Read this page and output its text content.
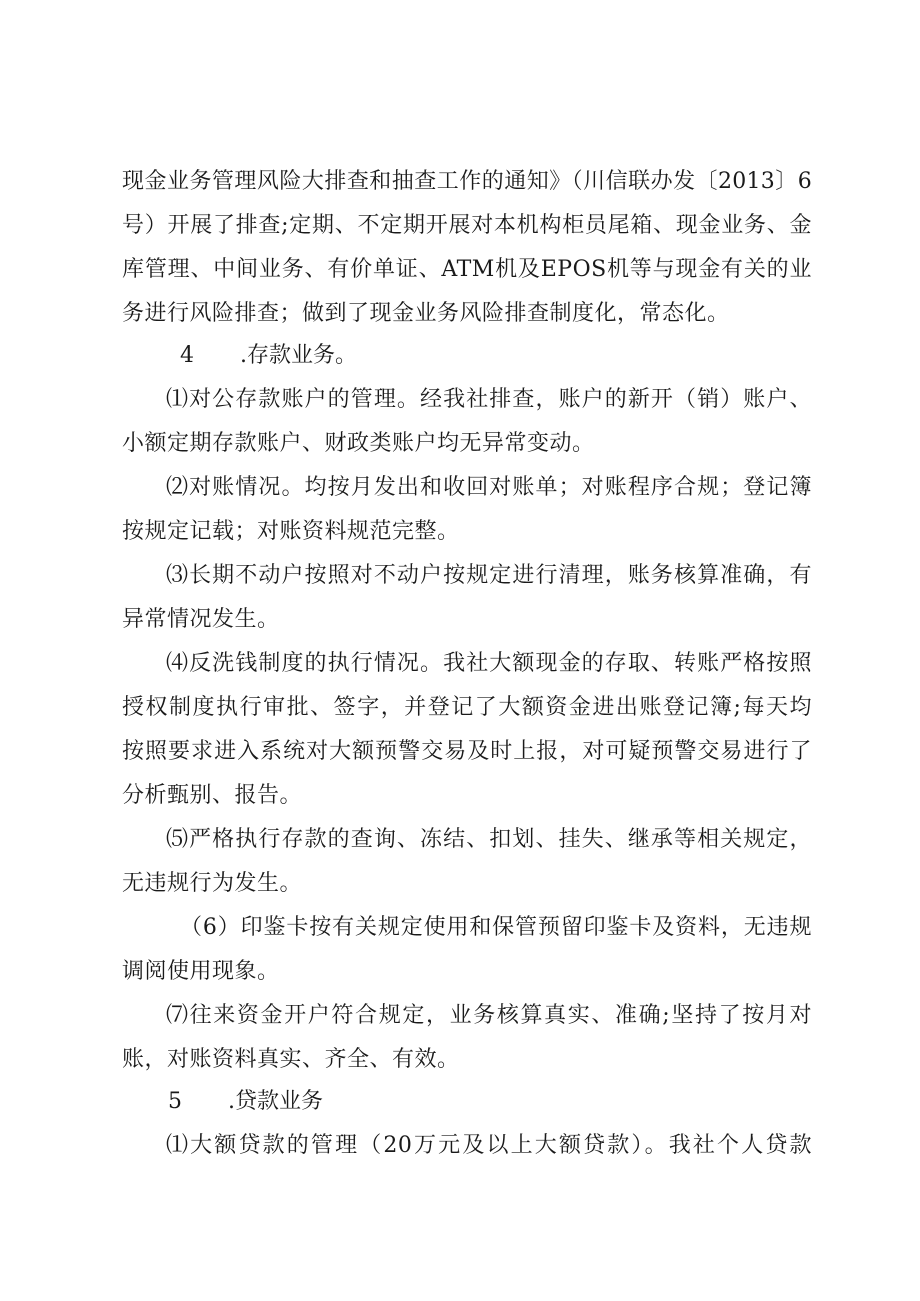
现金业务管理风险大排查和抽查工作的通知》（川信联办发〔2013〕6
号）开展了排查;定期、不定期开展对本机构柜员尾箱、现金业务、金
库管理、中间业务、有价单证、ATM机及EPOS机等与现金有关的业
务进行风险排查；做到了现金业务风险排查制度化，常态化。
4 .存款业务。
⑴对公存款账户的管理。经我社排查，账户的新开（销）账户、
小额定期存款账户、财政类账户均无异常变动。
⑵对账情况。均按月发出和收回对账单；对账程序合规；登记簿
按规定记载；对账资料规范完整。
⑶长期不动户按照对不动户按规定进行清理，账务核算准确，有
异常情况发生。
⑷反洗钱制度的执行情况。我社大额现金的存取、转账严格按照
授权制度执行审批、签字，并登记了大额资金进出账登记簿;每天均
按照要求进入系统对大额预警交易及时上报，对可疑预警交易进行了
分析甄别、报告。
⑸严格执行存款的查询、冻结、扣划、挂失、继承等相关规定，
无违规行为发生。
（6）印鉴卡按有关规定使用和保管预留印鉴卡及资料，无违规
调阅使用现象。
⑺往来资金开户符合规定，业务核算真实、准确;坚持了按月对
账，对账资料真实、齐全、有效。
5 .贷款业务
⑴大额贷款的管理（20万元及以上大额贷款）。我社个人贷款
